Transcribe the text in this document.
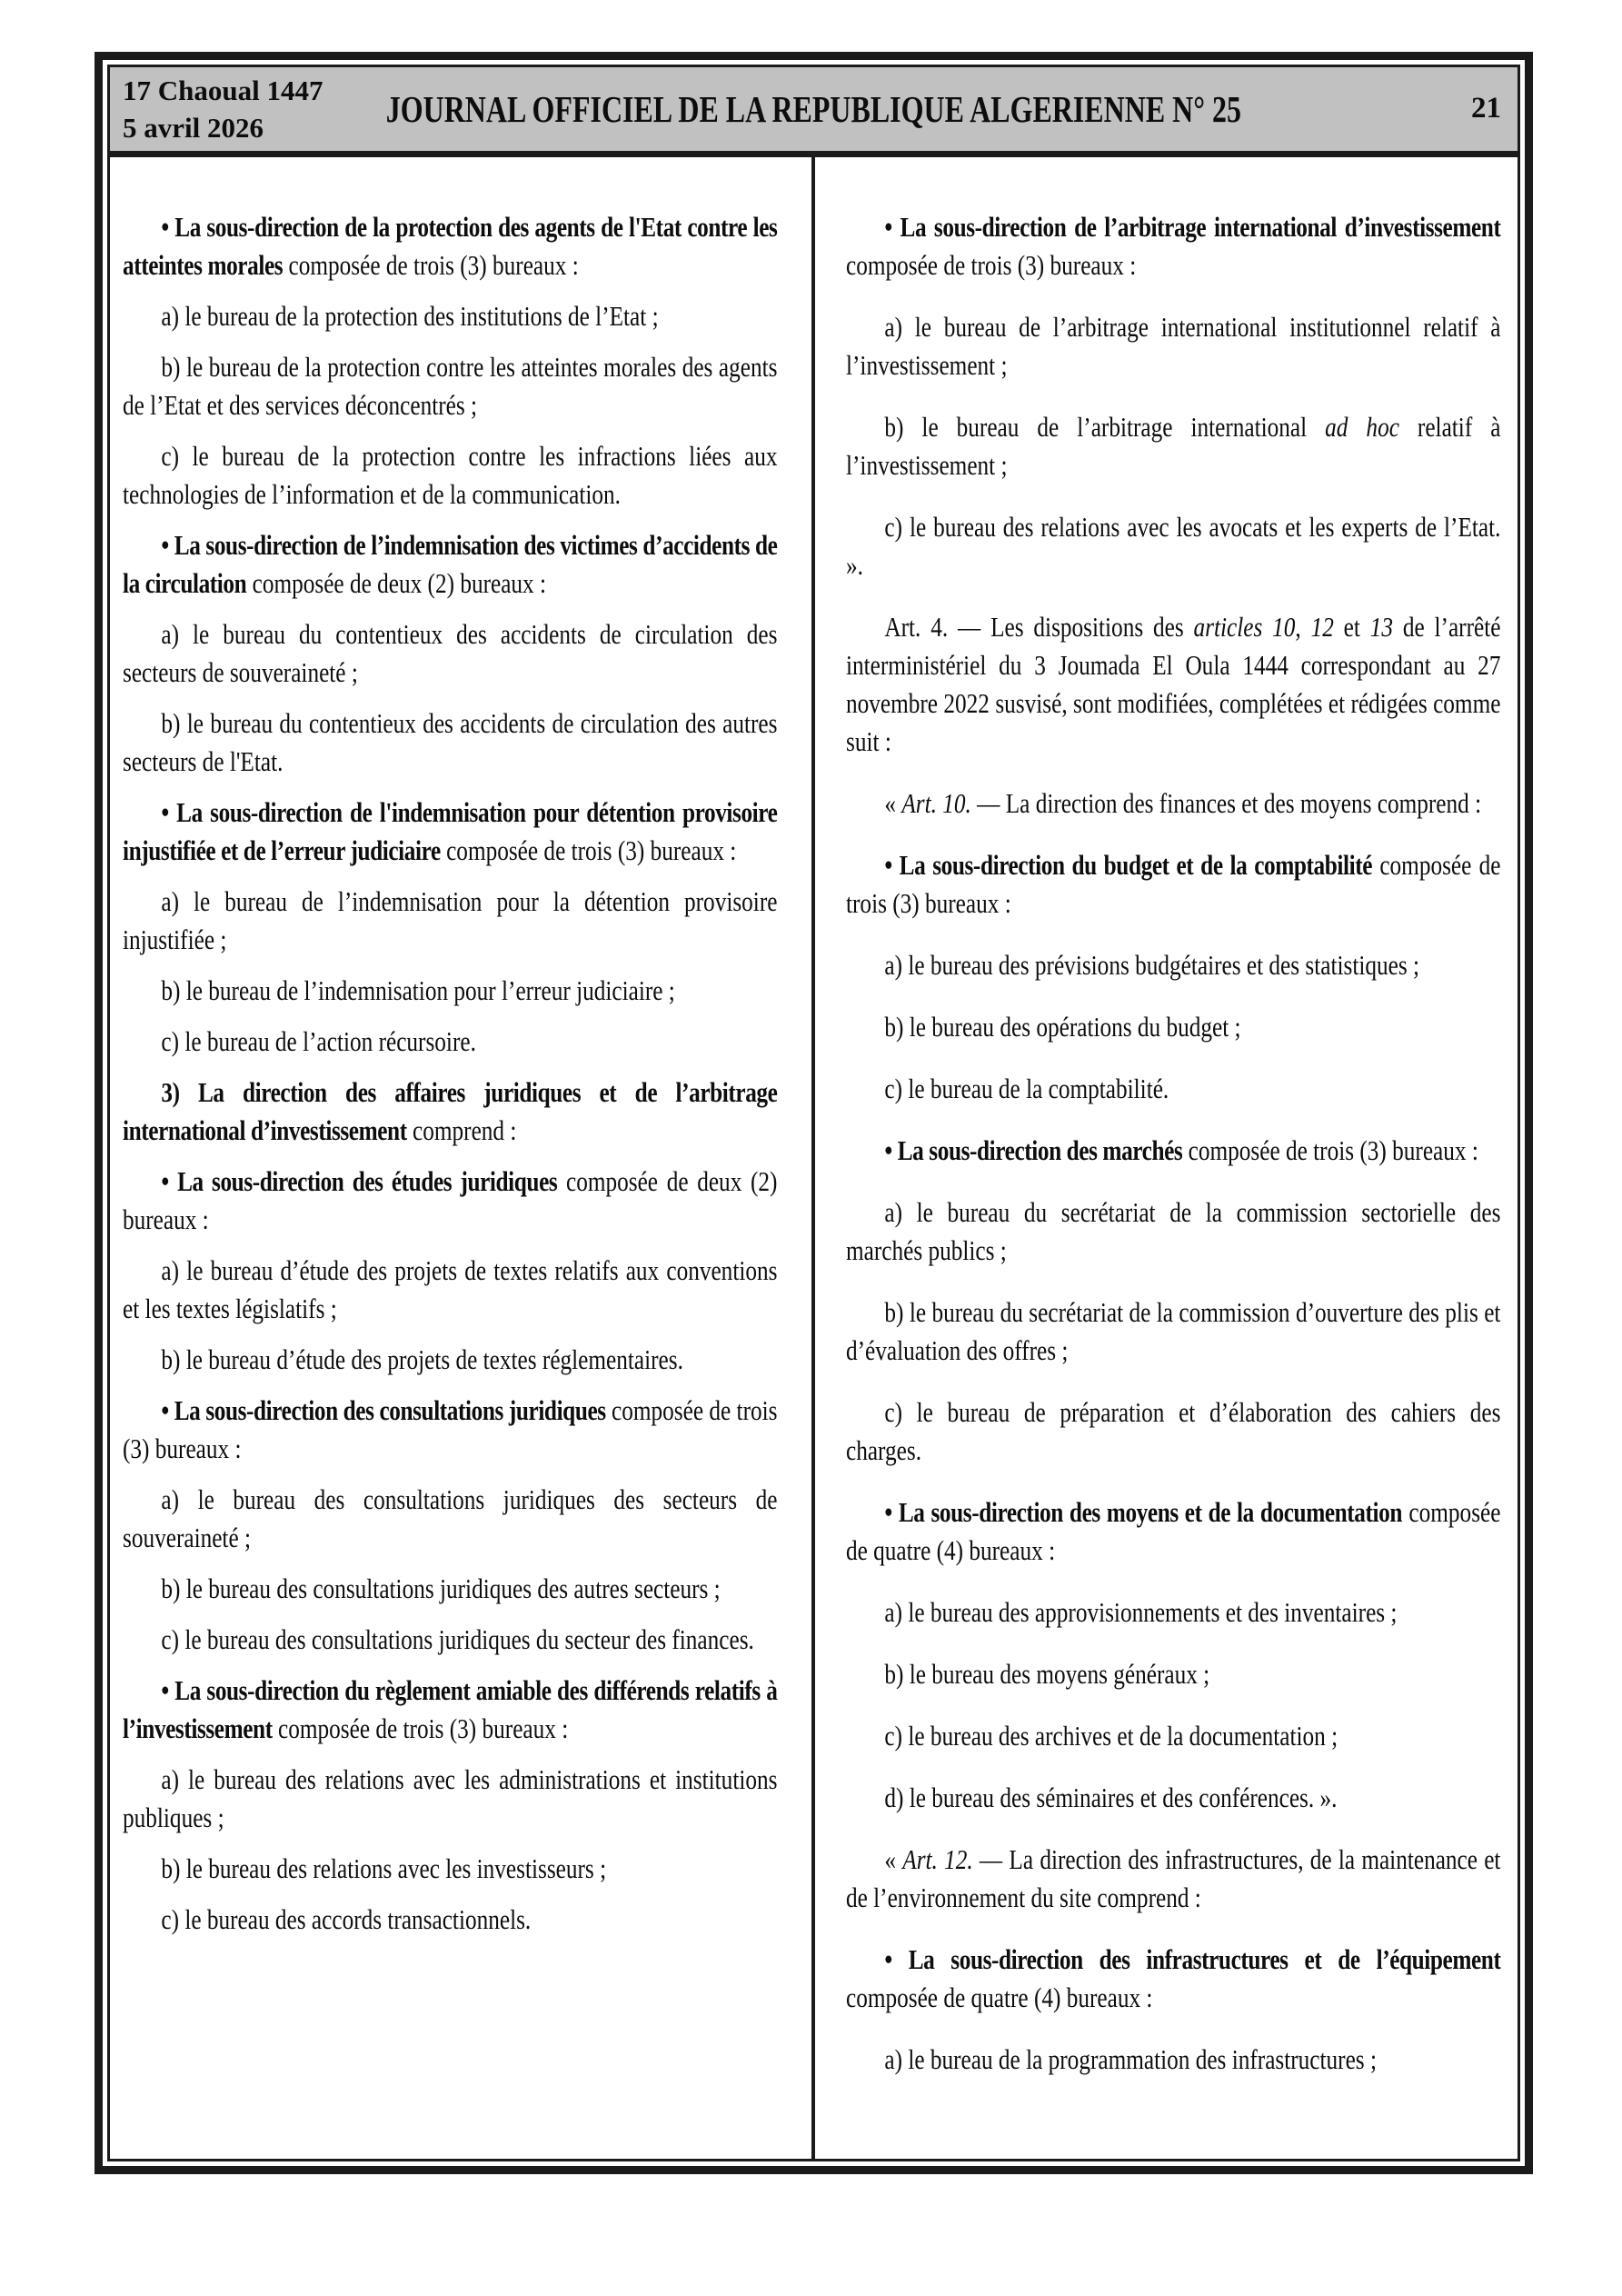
17 Chaoual 1447
5 avril 2026	JOURNAL OFFICIEL DE LA REPUBLIQUE ALGERIENNE N° 25	21

• La sous-direction de la protection des agents de l'Etat contre les atteintes morales composée de trois (3) bureaux :

a) le bureau de la protection des institutions de l’Etat ;

b) le bureau de la protection contre les atteintes morales des agents de l’Etat et des services déconcentrés ;

c) le bureau de la protection contre les infractions liées aux technologies de l’information et de la communication.

• La sous-direction de l’indemnisation des victimes d’accidents de la circulation composée de deux (2) bureaux :

a) le bureau du contentieux des accidents de circulation des secteurs de souveraineté ;

b) le bureau du contentieux des accidents de circulation des autres secteurs de l'Etat.

• La sous-direction de l'indemnisation pour détention provisoire injustifiée et de l’erreur judiciaire composée de trois (3) bureaux :

a) le bureau de l’indemnisation pour la détention provisoire injustifiée ;

b) le bureau de l’indemnisation pour l’erreur judiciaire ;

c) le bureau de l’action récursoire.

3) La direction des affaires juridiques et de l’arbitrage international d’investissement comprend :

• La sous-direction des études juridiques composée de deux (2) bureaux :

a) le bureau d’étude des projets de textes relatifs aux conventions et les textes législatifs ;

b) le bureau d’étude des projets de textes réglementaires.

• La sous-direction des consultations juridiques composée de trois (3) bureaux :

a) le bureau des consultations juridiques des secteurs de souveraineté ;

b) le bureau des consultations juridiques des autres secteurs ;

c) le bureau des consultations juridiques du secteur des finances.

• La sous-direction du règlement amiable des différends relatifs à l’investissement composée de trois (3) bureaux :

a) le bureau des relations avec les administrations et institutions publiques ;

b) le bureau des relations avec les investisseurs ;

c) le bureau des accords transactionnels.

• La sous-direction de l’arbitrage international d’investissement composée de trois (3) bureaux :

a) le bureau de l’arbitrage international institutionnel relatif à l’investissement ;

b) le bureau de l’arbitrage international ad hoc relatif à l’investissement ;

c) le bureau des relations avec les avocats et les experts de l’Etat. ».

Art. 4. — Les dispositions des articles 10, 12 et 13 de l’arrêté interministériel du 3 Joumada El Oula 1444 correspondant au 27 novembre 2022 susvisé, sont modifiées, complétées et rédigées comme suit :

« Art. 10. — La direction des finances et des moyens comprend :

• La sous-direction du budget et de la comptabilité composée de trois (3) bureaux :

a) le bureau des prévisions budgétaires et des statistiques ;

b) le bureau des opérations du budget ;

c) le bureau de la comptabilité.

• La sous-direction des marchés composée de trois (3) bureaux :

a) le bureau du secrétariat de la commission sectorielle des marchés publics ;

b) le bureau du secrétariat de la commission d’ouverture des plis et d’évaluation des offres ;

c) le bureau de préparation et d’élaboration des cahiers des charges.

• La sous-direction des moyens et de la documentation composée de quatre (4) bureaux :

a) le bureau des approvisionnements et des inventaires ;

b) le bureau des moyens généraux ;

c) le bureau des archives et de la documentation ;

d) le bureau des séminaires et des conférences. ».

« Art. 12. — La direction des infrastructures, de la maintenance et de l’environnement du site comprend :

• La sous-direction des infrastructures et de l’équipement composée de quatre (4) bureaux :

a) le bureau de la programmation des infrastructures ;
